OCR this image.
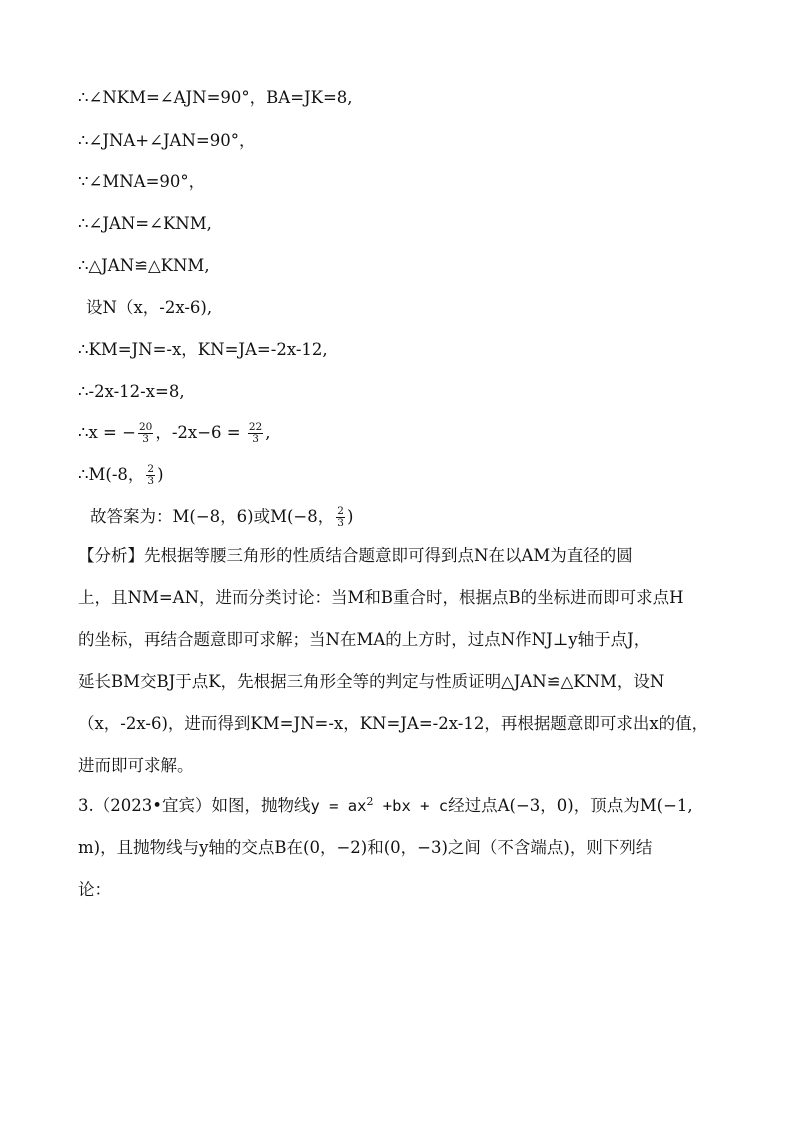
∴∠NKM=∠AJN=90°，BA=JK=8,
∴∠JNA+∠JAN=90°，
∵∠MNA=90°，
∴∠JAN=∠KNM,
∴△JAN≌△KNM,
设N（x，-2x-6),
∴KM=JN=-x，KN=JA=-2x-12,
∴-2x-12-x=8,
∴x = − $\frac{20}{3}$ ，$-2x-6 = \frac{22}{3}$ ,
∴M(-8， $\frac{2}{3}$ )
故答案为：M(−8，6)或M(−8， $\frac{2}{3}$ )
【分析】先根据等腰三角形的性质结合题意即可得到点N在以AM为直径的圆
上，且NM=AN，进而分类讨论：当M和B重合时，根据点B的坐标进而即可求点H
的坐标，再结合题意即可求解；当N在MA的上方时，过点N作NJ⊥y轴于点J，
延长BM交BJ于点K，先根据三角形全等的判定与性质证明△JAN≌△KNM，设N
（x，-2x-6)，进而得到KM=JN=-x，KN=JA=-2x-12，再根据题意即可求出x的值，
进而即可求解。
3.（2023•宜宾）如图，抛物线$y = ax^2 +bx + c$经过点A(−3，0)，顶点为M(−1,
m)，且抛物线与y轴的交点B在(0，−2)和(0，−3)之间（不含端点)，则下列结
论：
